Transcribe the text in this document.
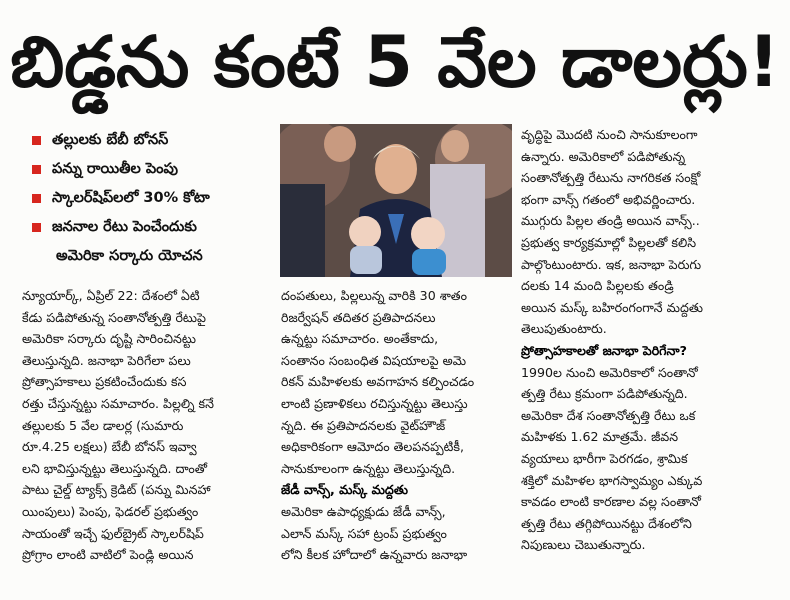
బిడ్డను కంటే 5 వేల డాలర్లు!
తల్లులకు బేబీ బోనస్
పన్ను రాయితీల పెంపు
స్కాలర్‌షిప్‌లలో 30% కోటా
జననాల రేటు పెంచేందుకు
అమెరికా సర్కారు యోచన

న్యూయార్క్, ఏప్రిల్ 22: దేశంలో ఏటి

కేడు పడిపోతున్న సంతానోత్పత్తి రేటుపై

అమెరికా సర్కారు దృష్టి సారించినట్టు

తెలుస్తున్నది. జనాభా పెరిగేలా పలు

ప్రోత్సాహకాలు ప్రకటించేందుకు కస

రత్తు చేస్తున్నట్టు సమాచారం. పిల్లల్ని కనే

తల్లులకు 5 వేల డాలర్ల (సుమారు

రూ.4.25 లక్షలు) బేబీ బోనస్ ఇవ్వా

లని భావిస్తున్నట్టు తెలుస్తున్నది. దాంతో

పాటు చైల్డ్ ట్యాక్స్ క్రెడిట్ (పన్ను మినహా

యింపులు) పెంపు, ఫెడరల్ ప్రభుత్వం

సాయంతో ఇచ్చే ఫుల్‌బ్రైట్ స్కాలర్‌షిప్

ప్రోగ్రాం లాంటి వాటిలో పెండ్లి అయిన

దంపతులు, పిల్లలున్న వారికి 30 శాతం

రిజర్వేషన్ తదితర ప్రతిపాదనలు

ఉన్నట్టు సమాచారం. అంతేకాదు,

సంతానం సంబంధిత విషయాలపై అమె

రికన్ మహిళలకు అవగాహన కల్పించడం

లాంటి ప్రణాళికలు రచిస్తున్నట్టు తెలుస్తు

న్నది. ఈ ప్రతిపాదనలకు వైట్‌హౌజ్

అధికారికంగా ఆమోదం తెలపనప్పటికీ,

సానుకూలంగా ఉన్నట్టు తెలుస్తున్నది.

జేడీ వాన్స్, మస్క్ మద్దతు

అమెరికా ఉపాధ్యక్షుడు జేడీ వాన్స్,

ఎలాన్ మస్క్ సహా ట్రంప్ ప్రభుత్వం

లోని కీలక హోదాలో ఉన్నవారు జనాభా

వృద్ధిపై మొదటి నుంచి సానుకూలంగా

ఉన్నారు. అమెరికాలో పడిపోతున్న

సంతానోత్పత్తి రేటును నాగరికత సంక్షో

భంగా వాన్స్ గతంలో అభివర్ణించారు.

ముగ్గురు పిల్లల తండ్రి అయిన వాన్స్..

ప్రభుత్వ కార్యక్రమాల్లో పిల్లలతో కలిసి

పాల్గొంటుంటారు. ఇక, జనాభా పెరుగు

దలకు 14 మంది పిల్లలకు తండ్రి

అయిన మస్క్ బహిరంగంగానే మద్దతు

తెలుపుతుంటారు.

ప్రోత్సాహకాలతో జనాభా పెరిగేనా?

1990ల నుంచి అమెరికాలో సంతానో

త్పత్తి రేటు క్రమంగా పడిపోతున్నది.

అమెరికా దేశ సంతానోత్పత్తి రేటు ఒక

మహిళకు 1.62 మాత్రమే. జీవన

వ్యయాలు భారీగా పెరగడం, శ్రామిక

శక్తిలో మహిళల భాగస్వామ్యం ఎక్కువ

కావడం లాంటి కారణాల వల్ల సంతానో

త్పత్తి రేటు తగ్గిపోయినట్టు దేశంలోని

నిపుణులు చెబుతున్నారు.
